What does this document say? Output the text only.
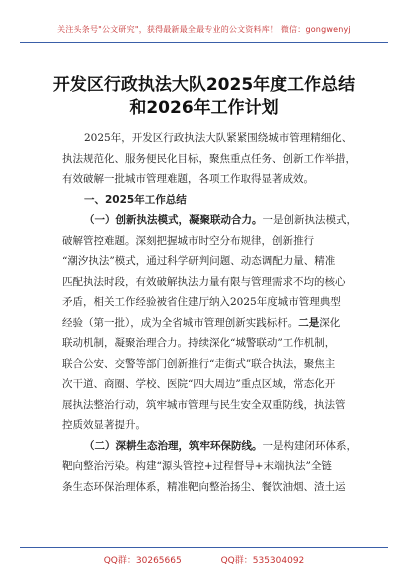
关注头条号"公文研究"，获得最新最全最专业的公文资料库！ 微信：gongwenyj
开发区行政执法大队2025年度工作总结
和2026年工作计划

2025年，开发区行政执法大队紧紧围绕城市管理精细化、

执法规范化、服务便民化目标，聚焦重点任务、创新工作举措，

有效破解一批城市管理难题，各项工作取得显著成效。

一、2025年工作总结

（一）创新执法模式，凝聚联动合力。一是创新执法模式，

破解管控难题。深刻把握城市时空分布规律，创新推行

“潮汐执法”模式，通过科学研判问题、动态调配力量、精准

匹配执法时段，有效破解执法力量有限与管理需求不均的核心

矛盾，相关工作经验被省住建厅纳入2025年度城市管理典型

经验（第一批），成为全省城市管理创新实践标杆。二是深化

联动机制，凝聚治理合力。持续深化“城警联动”工作机制，

联合公安、交警等部门创新推行“走街式”联合执法，聚焦主

次干道、商圈、学校、医院“四大周边”重点区域，常态化开

展执法整治行动，筑牢城市管理与民生安全双重防线，执法管

控质效显著提升。

（二）深耕生态治理，筑牢环保防线。一是构建闭环体系，

靶向整治污染。构建“源头管控+过程督导+末端执法”全链

条生态环保治理体系，精准靶向整治扬尘、餐饮油烟、渣土运

QQ群：30265665	QQ群：535304092
